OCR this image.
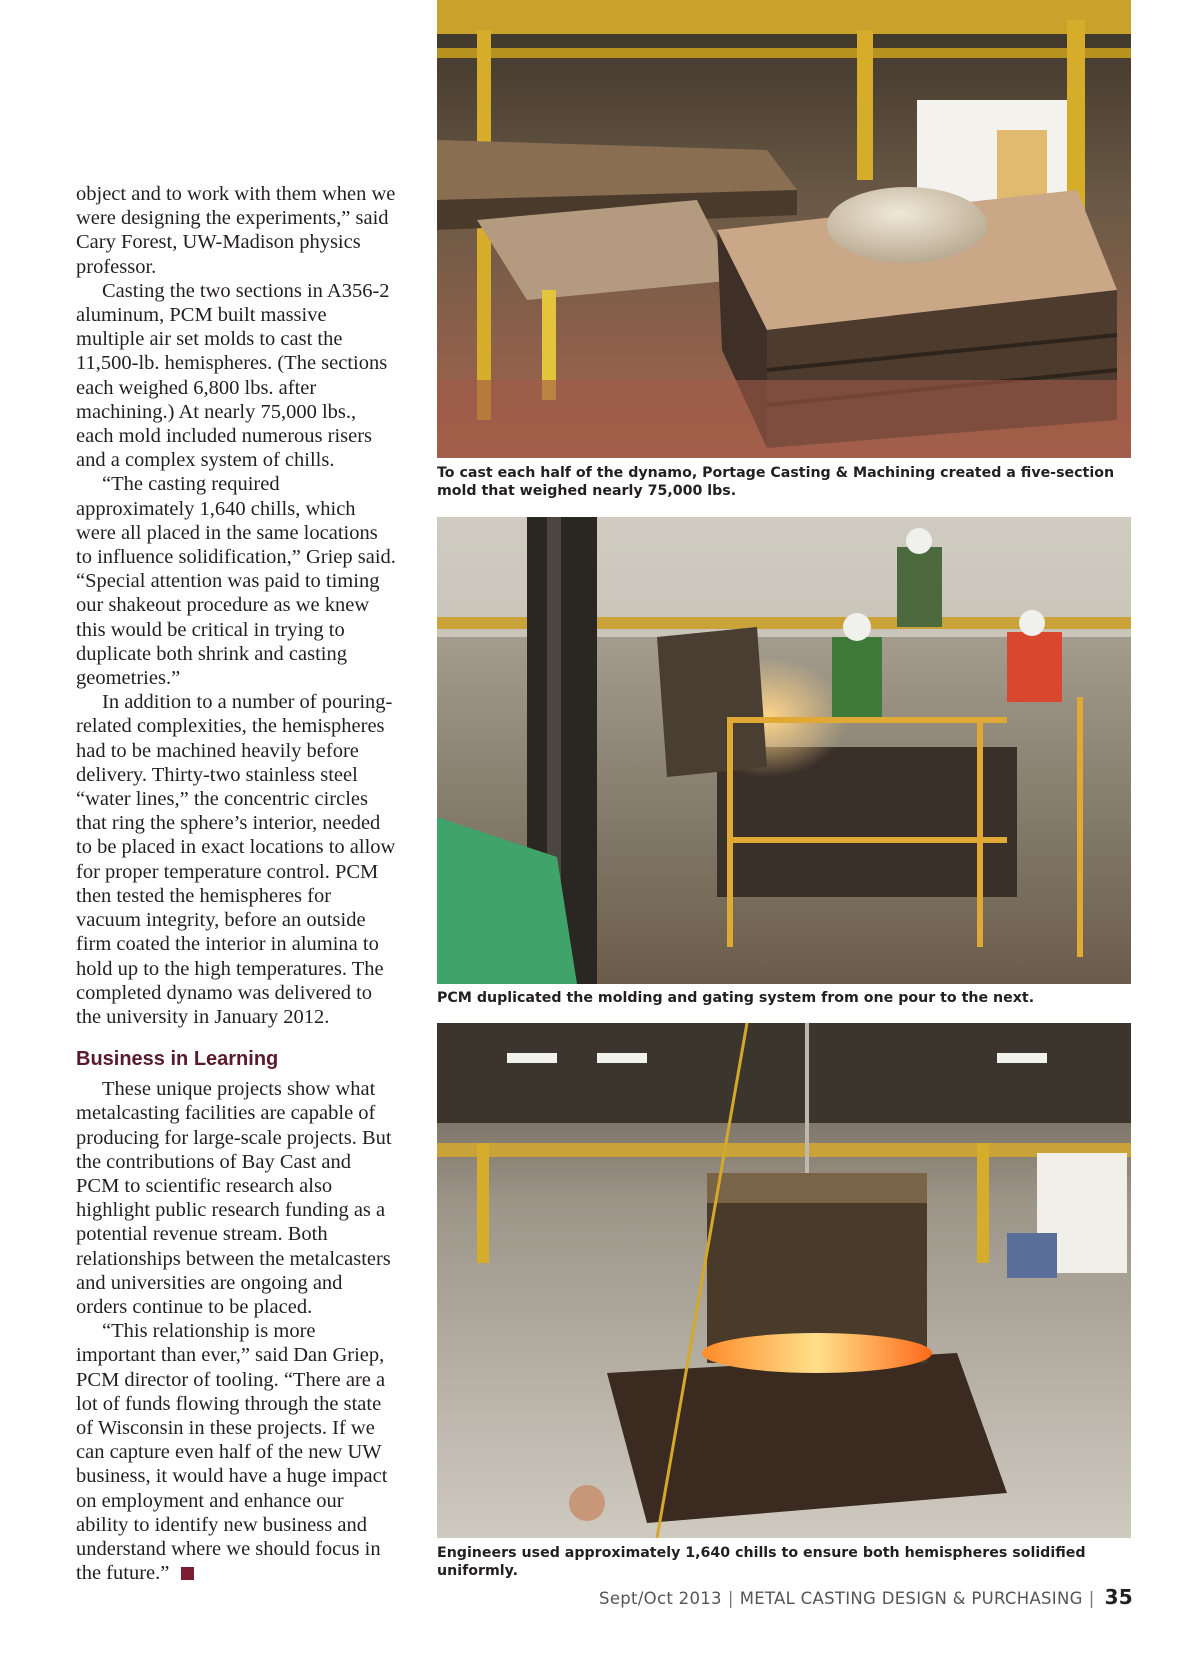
object and to work with them when we were designing the experiments,” said Cary Forest, UW-Madison physics professor.

Casting the two sections in A356-2 aluminum, PCM built massive multiple air set molds to cast the 11,500-lb. hemispheres. (The sections each weighed 6,800 lbs. after machining.) At nearly 75,000 lbs., each mold included numerous risers and a complex system of chills.

“The casting required approximately 1,640 chills, which were all placed in the same locations to influence solidification,” Griep said. “Special attention was paid to timing our shakeout procedure as we knew this would be critical in trying to duplicate both shrink and casting geometries.”

In addition to a number of pouring-related complexities, the hemispheres had to be machined heavily before delivery. Thirty-two stainless steel “water lines,” the concentric circles that ring the sphere’s interior, needed to be placed in exact locations to allow for proper temperature control. PCM then tested the hemispheres for vacuum integrity, before an outside firm coated the interior in alumina to hold up to the high temperatures. The completed dynamo was delivered to the university in January 2012.

Business in Learning

These unique projects show what metalcasting facilities are capable of producing for large-scale projects. But the contributions of Bay Cast and PCM to scientific research also highlight public research funding as a potential revenue stream. Both relationships between the metalcasters and universities are ongoing and orders continue to be placed.

“This relationship is more important than ever,” said Dan Griep, PCM director of tooling. “There are a lot of funds flowing through the state of Wisconsin in these projects. If we can capture even half of the new UW business, it would have a huge impact on employment and enhance our ability to identify new business and understand where we should focus in the future.”

To cast each half of the dynamo, Portage Casting & Machining created a five-section mold that weighed nearly 75,000 lbs.
PCM duplicated the molding and gating system from one pour to the next.
Engineers used approximately 1,640 chills to ensure both hemispheres solidified uniformly.
Sept/Oct 2013 | METAL CASTING DESIGN & PURCHASING | 35
